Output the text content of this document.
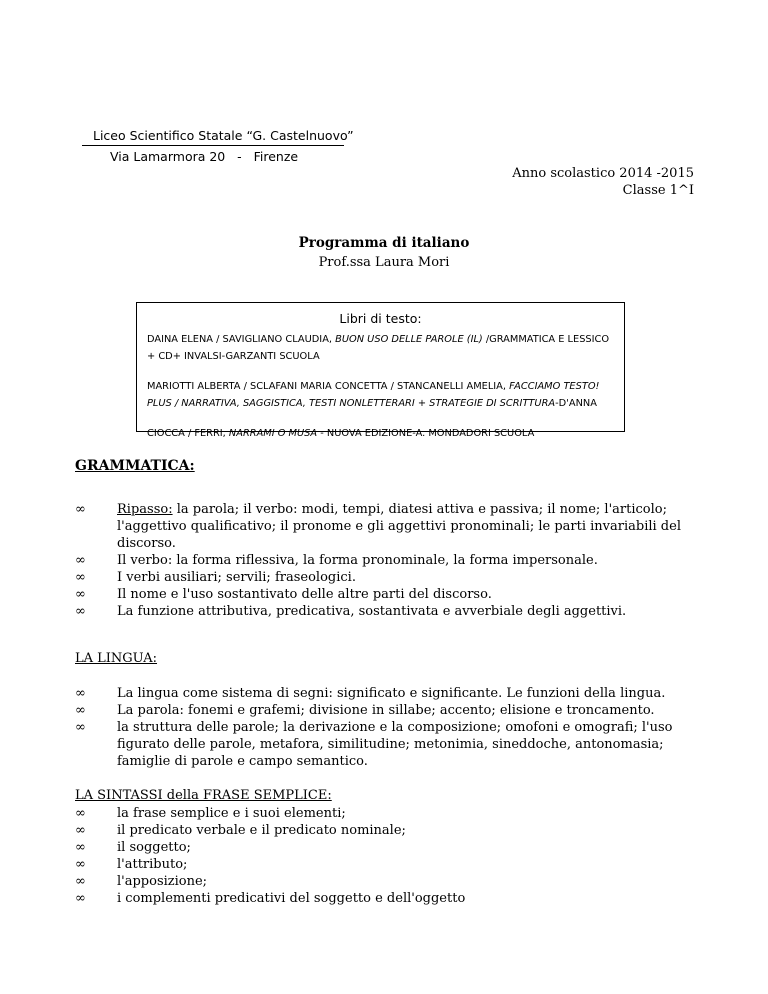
Liceo Scientifico Statale “G. Castelnuovo”
Via Lamarmora 20   -   Firenze
Anno scolastico 2014 -2015
Classe 1^I
Programma di italiano
Prof.ssa Laura Mori
Libri di testo:

DAINA ELENA / SAVIGLIANO CLAUDIA, BUON USO DELLE PAROLE (IL) /GRAMMATICA E LESSICO + CD+ INVALSI-GARZANTI SCUOLA

MARIOTTI ALBERTA / SCLAFANI MARIA CONCETTA / STANCANELLI AMELIA, FACCIAMO TESTO! PLUS / NARRATIVA, SAGGISTICA, TESTI NONLETTERARI + STRATEGIE DI SCRITTURA-D'ANNA

CIOCCA / FERRI, NARRAMI O MUSA - NUOVA EDIZIONE-A. MONDADORI SCUOLA

GRAMMATICA:
∞ Ripasso: la parola; il verbo: modi, tempi, diatesi attiva e passiva; il nome; l'articolo; l'aggettivo qualificativo; il pronome e gli aggettivi pronominali; le parti invariabili del discorso.
∞ Il verbo: la forma riflessiva, la forma pronominale, la forma impersonale.
∞ I verbi ausiliari; servili; fraseologici.
∞ Il nome e l'uso sostantivato delle altre parti del discorso.
∞ La funzione attributiva, predicativa, sostantivata e avverbiale degli aggettivi.
LA LINGUA:
∞ La lingua come sistema di segni: significato e significante. Le funzioni della lingua.
∞ La parola: fonemi e grafemi; divisione in sillabe; accento; elisione e troncamento.
∞ la struttura delle parole; la derivazione e la composizione; omofoni e omografi; l'uso figurato delle parole, metafora, similitudine; metonimia, sineddoche, antonomasia; famiglie di parole e campo semantico.
LA SINTASSI della FRASE SEMPLICE:
∞ la frase semplice e i suoi elementi;
∞ il predicato verbale e il predicato nominale;
∞ il soggetto;
∞ l'attributo;
∞ l'apposizione;
∞ i complementi predicativi del soggetto e dell'oggetto
